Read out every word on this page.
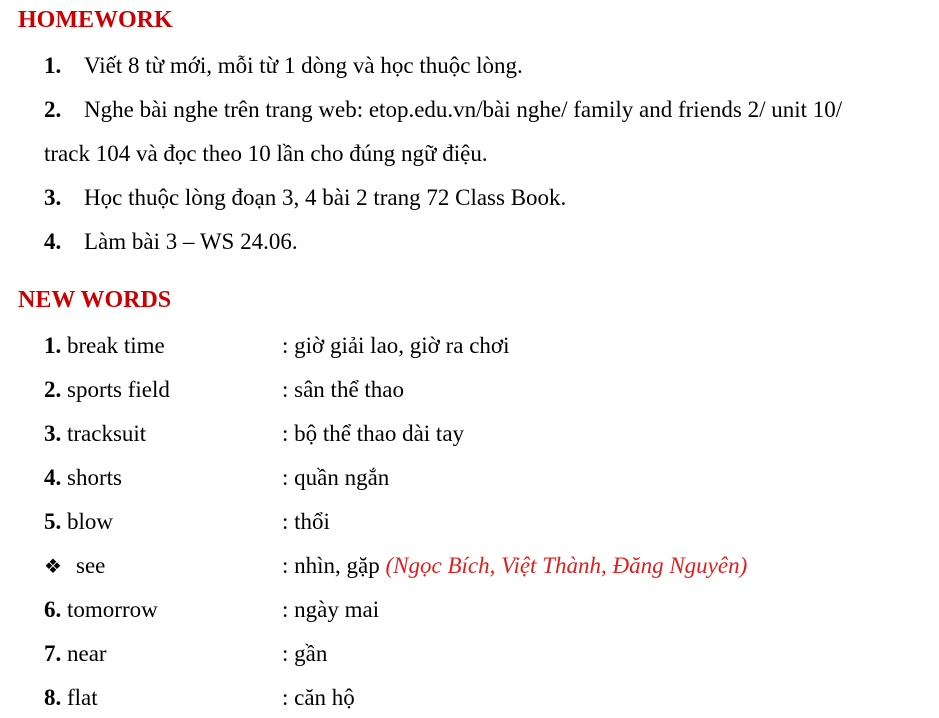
HOMEWORK
1. Viết 8 từ mới, mỗi từ 1 dòng và học thuộc lòng.
2. Nghe bài nghe trên trang web: etop.edu.vn/bài nghe/ family and friends 2/ unit 10/
track 104 và đọc theo 10 lần cho đúng ngữ điệu.
3. Học thuộc lòng đoạn 3, 4 bài 2 trang 72 Class Book.
4. Làm bài 3 – WS 24.06.
NEW WORDS
1. break time	: giờ giải lao, giờ ra chơi
2. sports field	: sân thể thao
3. tracksuit	: bộ thể thao dài tay
4. shorts	: quần ngắn
5. blow	: thổi
❖ see	: nhìn, gặp (Ngọc Bích, Việt Thành, Đăng Nguyên)
6. tomorrow	: ngày mai
7. near	: gần
8. flat	: căn hộ
